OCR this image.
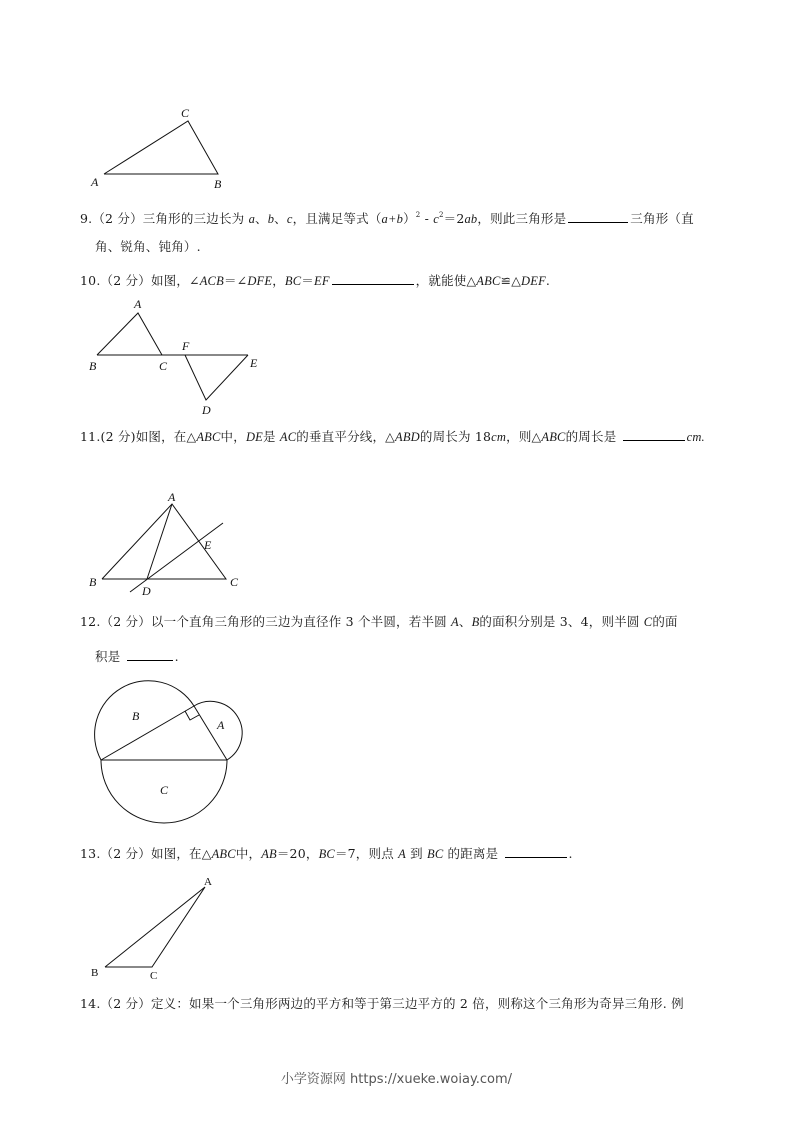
C
A	B
9.（2 分）三角形的三边长为 a、b、c，且满足等式$(a+b)^2 - c^2=2ab$，则此三角形是	三角形（直
角、锐角、钝角）.
10.（2 分）如图，∠ACB＝∠DFE，BC＝EF	，就能使△ABC≌△DEF.
A
B	C
F
E
D
11.(2 分)如图，在△ABC中，DE是 AC的垂直平分线，△ABD的周长为 18cm，则△ABC的周长是	cm.
A
B	C
D
E
12.（2 分）以一个直角三角形的三边为直径作 3 个半圆，若半圆 A、B的面积分别是 3、4，则半圆 C的面
积是	.
B
A
C
13.（2 分）如图，在△ABC中，AB＝20，BC＝7，则点 A 到 BC 的距离是	.
A
B	C
14.（2 分）定义：如果一个三角形两边的平方和等于第三边平方的 2 倍，则称这个三角形为奇异三角形. 例
小学资源网 https://xueke.woiay.com/
